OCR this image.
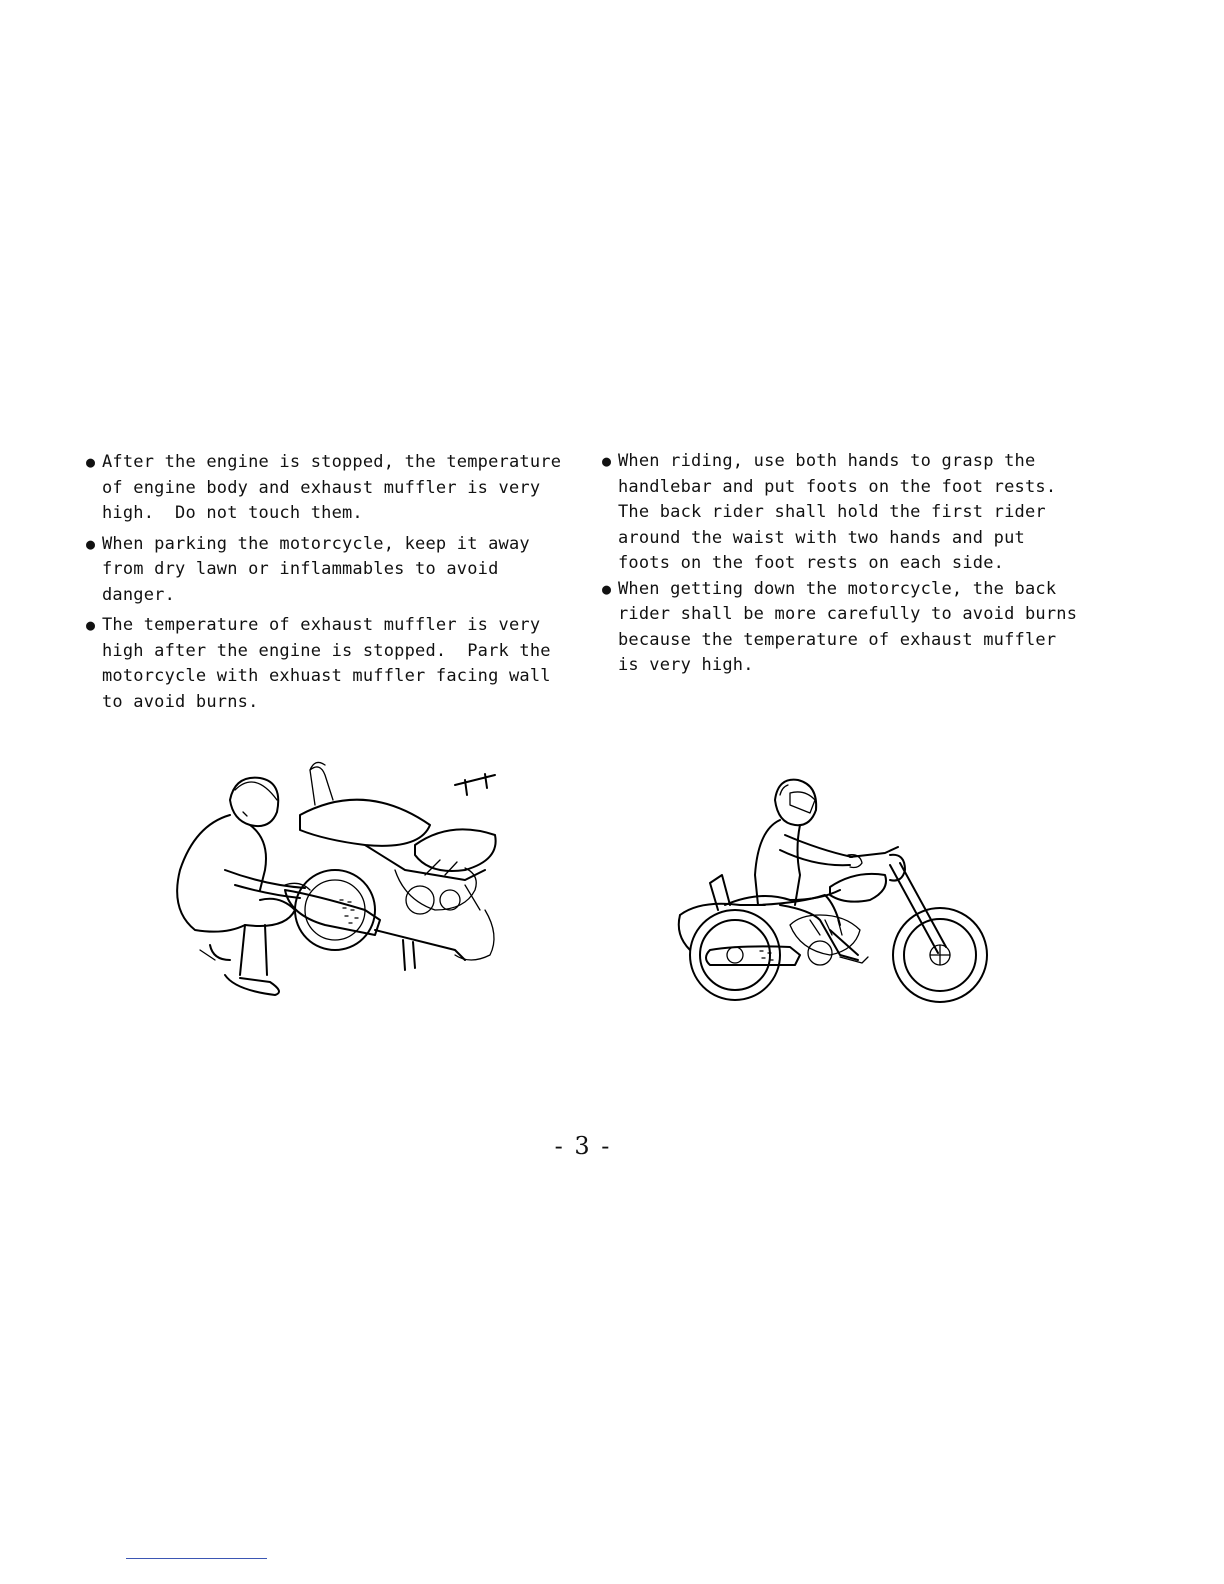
● After the engine is stopped, the temperature
of engine body and exhaust muffler is very
high.  Do not touch them.
● When parking the motorcycle, keep it away
from dry lawn or inflammables to avoid
danger.
● The temperature of exhaust muffler is very
high after the engine is stopped.  Park the
motorcycle with exhuast muffler facing wall
to avoid burns.
● When riding, use both hands to grasp the
handlebar and put foots on the foot rests.
The back rider shall hold the first rider
around the waist with two hands and put
foots on the foot rests on each side.
● When getting down the motorcycle, the back
rider shall be more carefully to avoid burns
because the temperature of exhaust muffler
is very high.
- 3 -
